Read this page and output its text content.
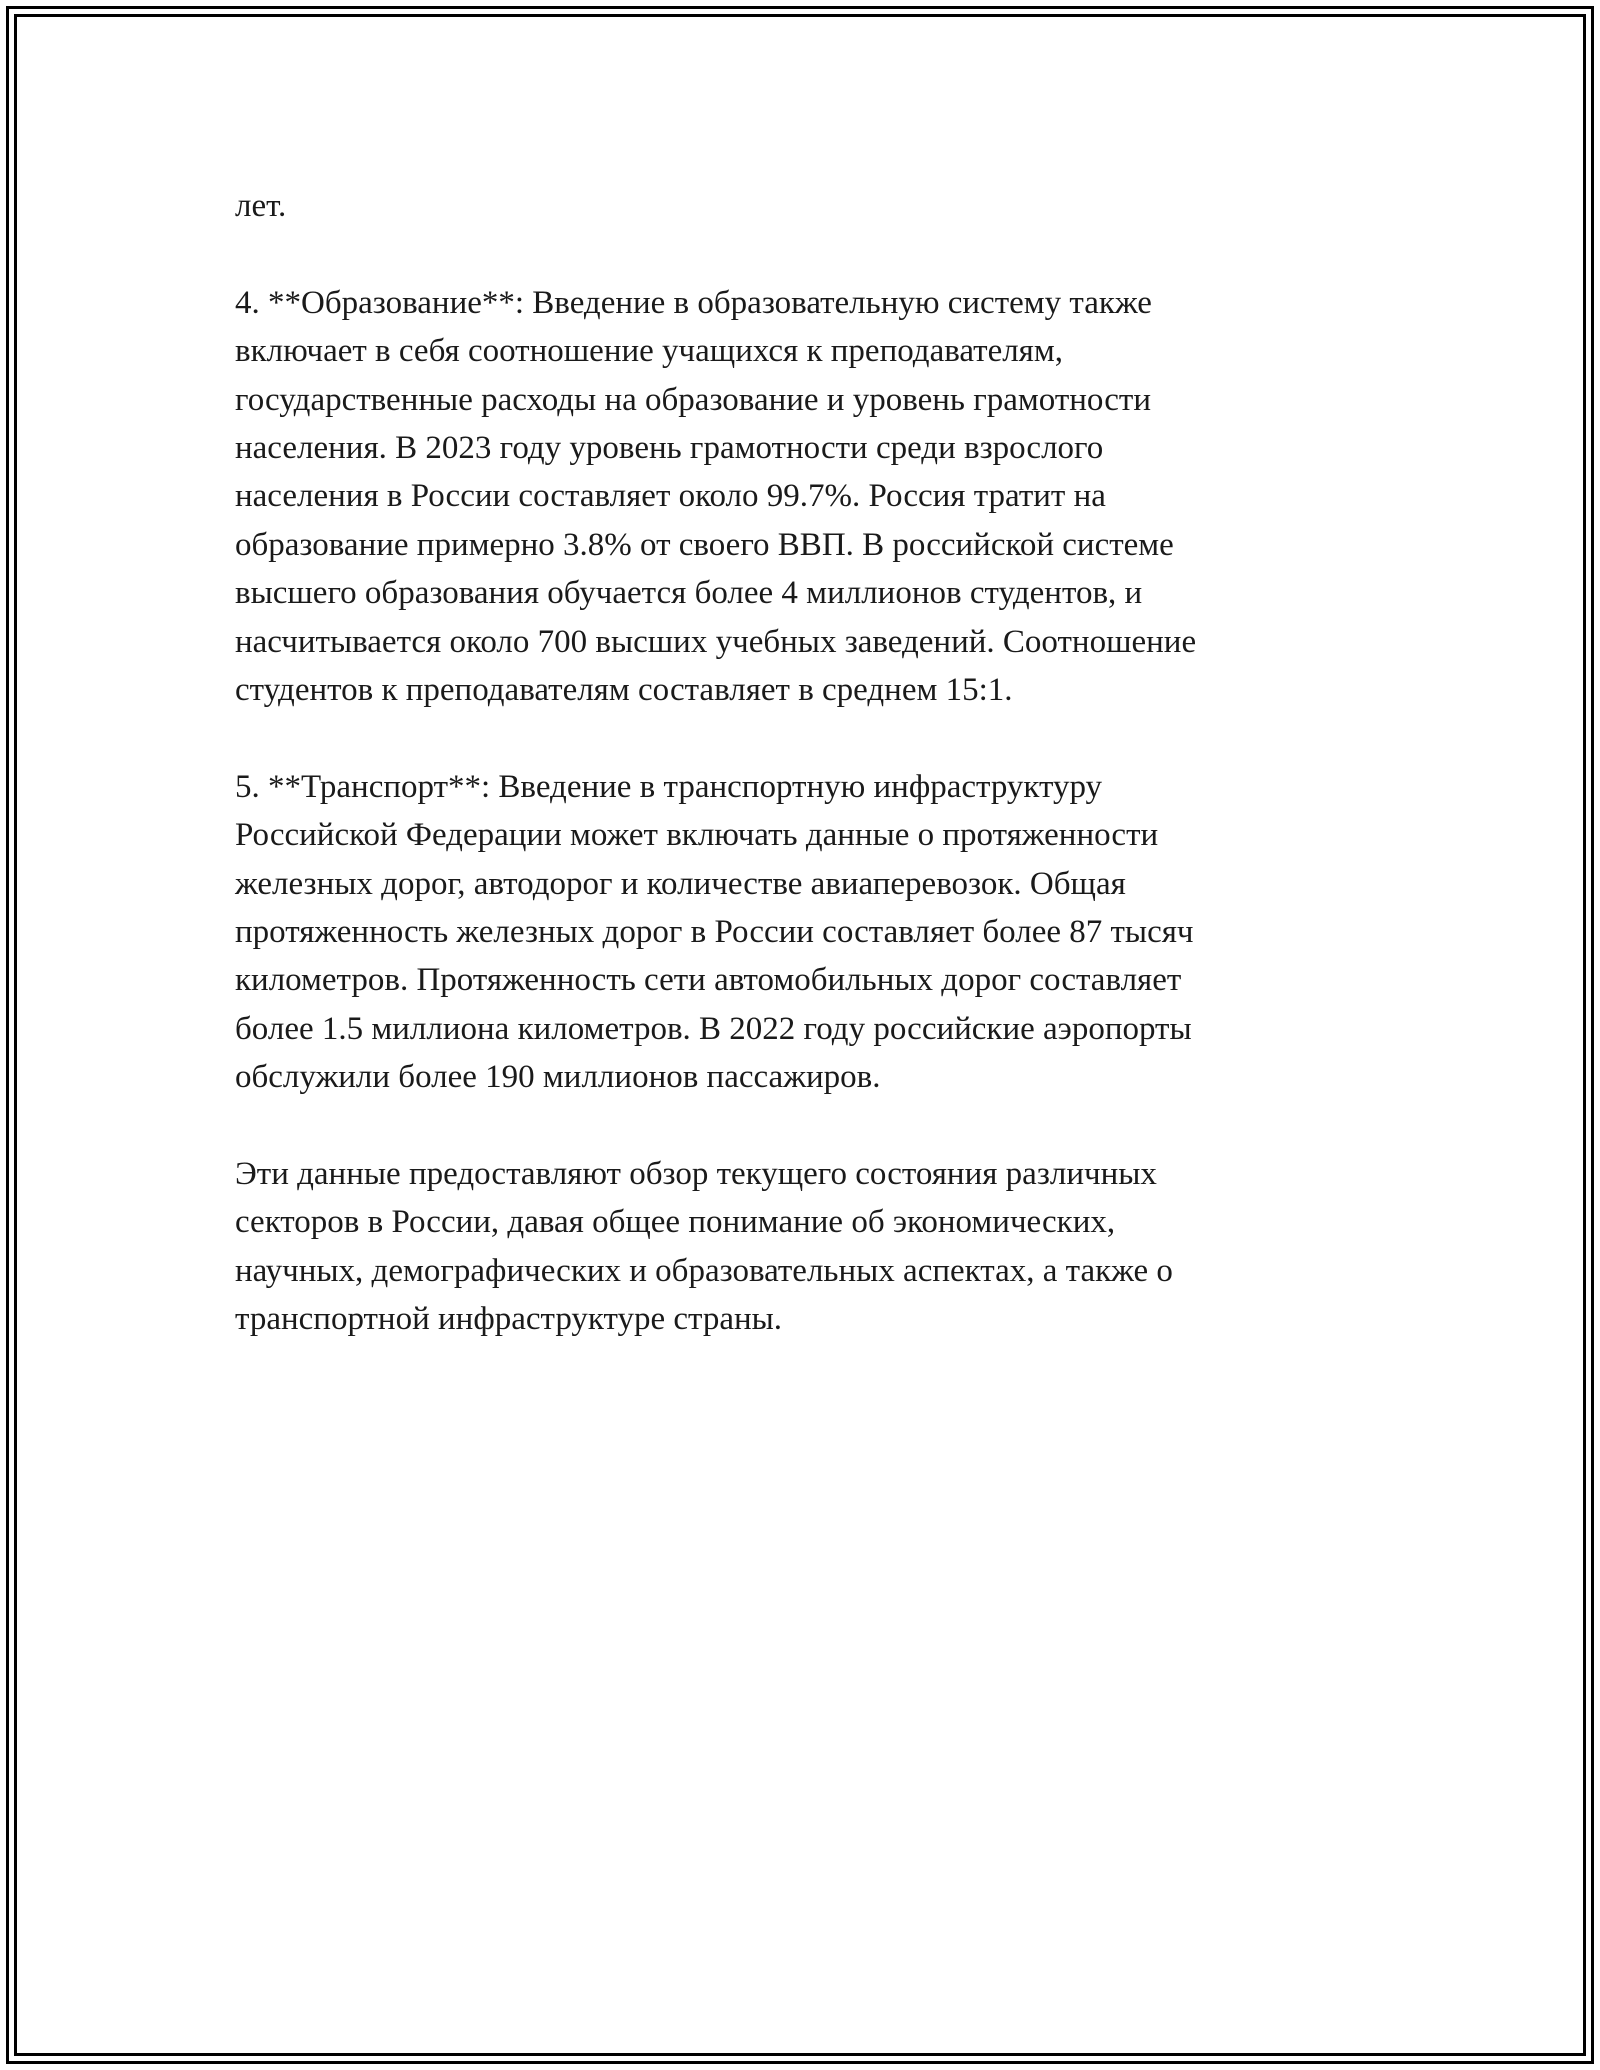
лет.

4. **Образование**: Введение в образовательную систему также
включает в себя соотношение учащихся к преподавателям,
государственные расходы на образование и уровень грамотности
населения. В 2023 году уровень грамотности среди взрослого
населения в России составляет около 99.7%. Россия тратит на
образование примерно 3.8% от своего ВВП. В российской системе
высшего образования обучается более 4 миллионов студентов, и
насчитывается около 700 высших учебных заведений. Соотношение
студентов к преподавателям составляет в среднем 15:1.

5. **Транспорт**: Введение в транспортную инфраструктуру
Российской Федерации может включать данные о протяженности
железных дорог, автодорог и количестве авиаперевозок. Общая
протяженность железных дорог в России составляет более 87 тысяч
километров. Протяженность сети автомобильных дорог составляет
более 1.5 миллиона километров. В 2022 году российские аэропорты
обслужили более 190 миллионов пассажиров.

Эти данные предоставляют обзор текущего состояния различных
секторов в России, давая общее понимание об экономических,
научных, демографических и образовательных аспектах, а также о
транспортной инфраструктуре страны.
